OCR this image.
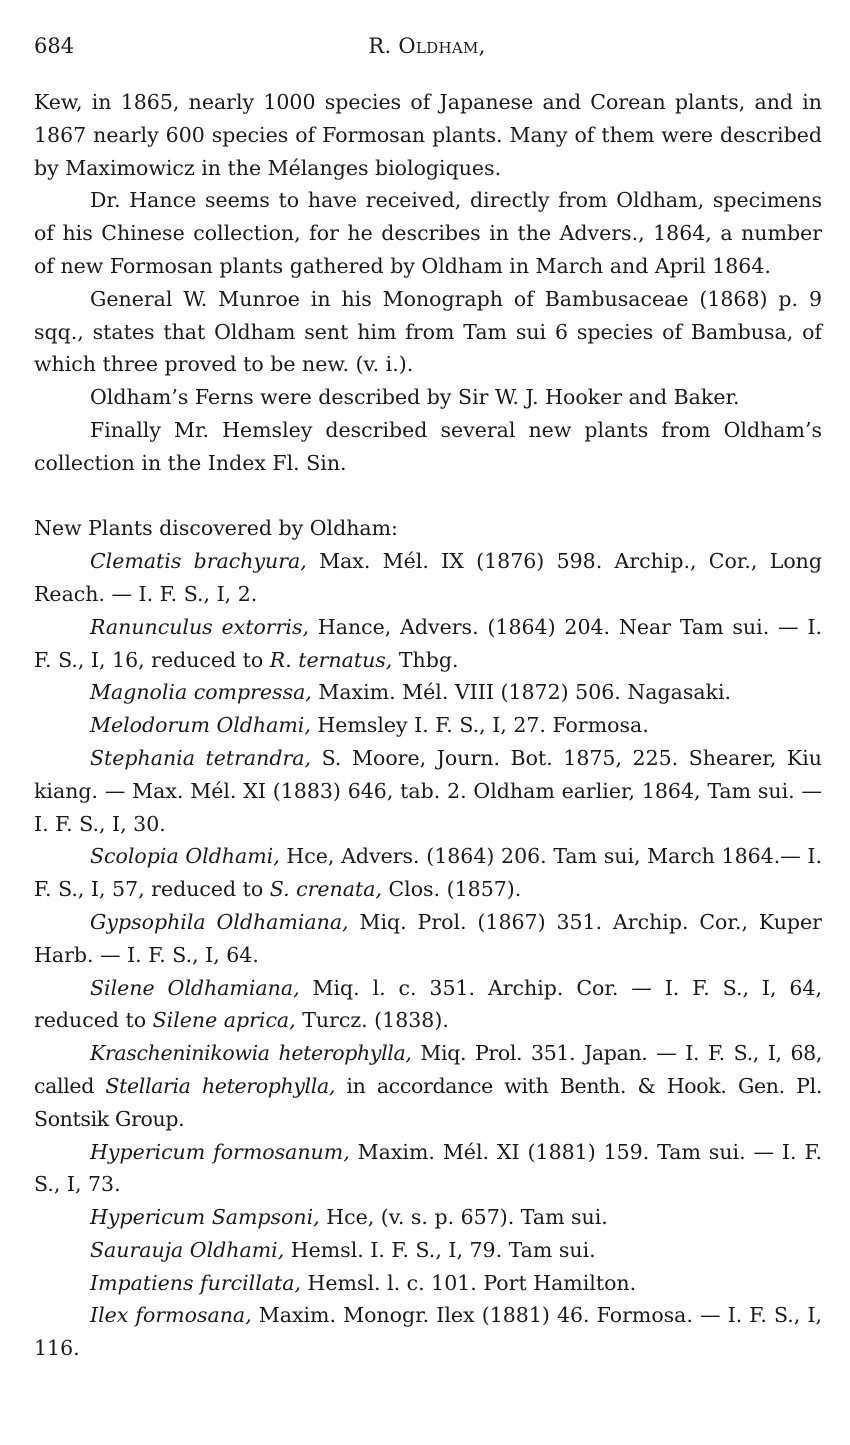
684	R. Oldham,

Kew, in 1865, nearly 1000 species of Japanese and Corean plants, and in 1867 nearly 600 species of Formosan plants. Many of them were described by Maximowicz in the Mélanges biologiques.

Dr. Hance seems to have received, directly from Oldham, specimens of his Chinese collection, for he describes in the Advers., 1864, a number of new Formosan plants gathered by Oldham in March and April 1864.

General W. Munroe in his Monograph of Bambusaceae (1868) p. 9 sqq., states that Oldham sent him from Tam sui 6 species of Bambusa, of which three proved to be new. (v. i.).

Oldham’s Ferns were described by Sir W. J. Hooker and Baker.

Finally Mr. Hemsley described several new plants from Oldham’s collection in the Index Fl. Sin.

New Plants discovered by Oldham:

Clematis brachyura, Max. Mél. IX (1876) 598. Archip., Cor., Long Reach. — I. F. S., I, 2.

Ranunculus extorris, Hance, Advers. (1864) 204. Near Tam sui. — I. F. S., I, 16, reduced to R. ternatus, Thbg.

Magnolia compressa, Maxim. Mél. VIII (1872) 506. Nagasaki.

Melodorum Oldhami, Hemsley I. F. S., I, 27. Formosa.

Stephania tetrandra, S. Moore, Journ. Bot. 1875, 225. Shearer, Kiu kiang. — Max. Mél. XI (1883) 646, tab. 2. Oldham earlier, 1864, Tam sui. — I. F. S., I, 30.

Scolopia Oldhami, Hce, Advers. (1864) 206. Tam sui, March 1864.— I. F. S., I, 57, reduced to S. crenata, Clos. (1857).

Gypsophila Oldhamiana, Miq. Prol. (1867) 351. Archip. Cor., Kuper Harb. — I. F. S., I, 64.

Silene Oldhamiana, Miq. l. c. 351. Archip. Cor. — I. F. S., I, 64, reduced to Silene aprica, Turcz. (1838).

Krascheninikowia heterophylla, Miq. Prol. 351. Japan. — I. F. S., I, 68, called Stellaria heterophylla, in accordance with Benth. & Hook. Gen. Pl. Sontsik Group.

Hypericum formosanum, Maxim. Mél. XI (1881) 159. Tam sui. — I. F. S., I, 73.

Hypericum Sampsoni, Hce, (v. s. p. 657). Tam sui.

Saurauja Oldhami, Hemsl. I. F. S., I, 79. Tam sui.

Impatiens furcillata, Hemsl. l. c. 101. Port Hamilton.

Ilex formosana, Maxim. Monogr. Ilex (1881) 46. Formosa. — I. F. S., I, 116.
